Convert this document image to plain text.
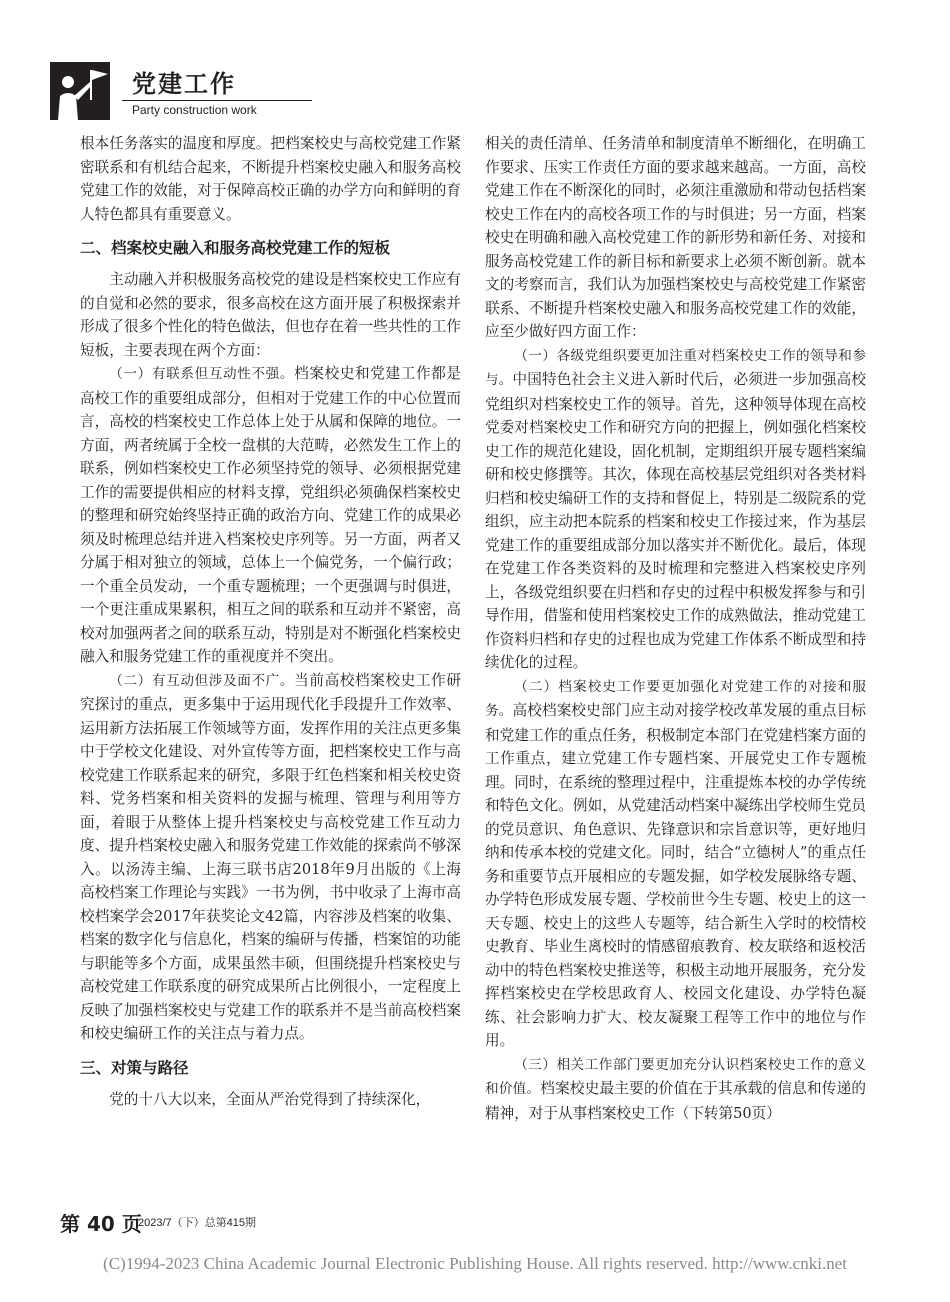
党建工作
Party construction work

根本任务落实的温度和厚度。把档案校史与高校党建工作紧密联系和有机结合起来，不断提升档案校史融入和服务高校党建工作的效能，对于保障高校正确的办学方向和鲜明的育人特色都具有重要意义。

二、档案校史融入和服务高校党建工作的短板

主动融入并积极服务高校党的建设是档案校史工作应有的自觉和必然的要求，很多高校在这方面开展了积极探索并形成了很多个性化的特色做法，但也存在着一些共性的工作短板，主要表现在两个方面：

（一）有联系但互动性不强。档案校史和党建工作都是高校工作的重要组成部分，但相对于党建工作的中心位置而言，高校的档案校史工作总体上处于从属和保障的地位。一方面，两者统属于全校一盘棋的大范畴，必然发生工作上的联系，例如档案校史工作必须坚持党的领导、必须根据党建工作的需要提供相应的材料支撑，党组织必须确保档案校史的整理和研究始终坚持正确的政治方向、党建工作的成果必须及时梳理总结并进入档案校史序列等。另一方面，两者又分属于相对独立的领域，总体上一个偏党务，一个偏行政；一个重全员发动，一个重专题梳理；一个更强调与时俱进，一个更注重成果累积，相互之间的联系和互动并不紧密，高校对加强两者之间的联系互动，特别是对不断强化档案校史融入和服务党建工作的重视度并不突出。

（二）有互动但涉及面不广。当前高校档案校史工作研究探讨的重点，更多集中于运用现代化手段提升工作效率、运用新方法拓展工作领域等方面，发挥作用的关注点更多集中于学校文化建设、对外宣传等方面，把档案校史工作与高校党建工作联系起来的研究，多限于红色档案和相关校史资料、党务档案和相关资料的发掘与梳理、管理与利用等方面，着眼于从整体上提升档案校史与高校党建工作互动力度、提升档案校史融入和服务党建工作效能的探索尚不够深入。以汤涛主编、上海三联书店2018年9月出版的《上海高校档案工作理论与实践》一书为例，书中收录了上海市高校档案学会2017年获奖论文42篇，内容涉及档案的收集、档案的数字化与信息化，档案的编研与传播，档案馆的功能与职能等多个方面，成果虽然丰硕，但围绕提升档案校史与高校党建工作联系度的研究成果所占比例很小，一定程度上反映了加强档案校史与党建工作的联系并不是当前高校档案和校史编研工作的关注点与着力点。

三、对策与路径

党的十八大以来，全面从严治党得到了持续深化，

相关的责任清单、任务清单和制度清单不断细化，在明确工作要求、压实工作责任方面的要求越来越高。一方面，高校党建工作在不断深化的同时，必须注重激励和带动包括档案校史工作在内的高校各项工作的与时俱进；另一方面，档案校史在明确和融入高校党建工作的新形势和新任务、对接和服务高校党建工作的新目标和新要求上必须不断创新。就本文的考察而言，我们认为加强档案校史与高校党建工作紧密联系、不断提升档案校史融入和服务高校党建工作的效能，应至少做好四方面工作：

（一）各级党组织要更加注重对档案校史工作的领导和参与。中国特色社会主义进入新时代后，必须进一步加强高校党组织对档案校史工作的领导。首先，这种领导体现在高校党委对档案校史工作和研究方向的把握上，例如强化档案校史工作的规范化建设，固化机制，定期组织开展专题档案编研和校史修撰等。其次，体现在高校基层党组织对各类材料归档和校史编研工作的支持和督促上，特别是二级院系的党组织，应主动把本院系的档案和校史工作接过来，作为基层党建工作的重要组成部分加以落实并不断优化。最后，体现在党建工作各类资料的及时梳理和完整进入档案校史序列上，各级党组织要在归档和存史的过程中积极发挥参与和引导作用，借鉴和使用档案校史工作的成熟做法，推动党建工作资料归档和存史的过程也成为党建工作体系不断成型和持续优化的过程。

（二）档案校史工作要更加强化对党建工作的对接和服务。高校档案校史部门应主动对接学校改革发展的重点目标和党建工作的重点任务，积极制定本部门在党建档案方面的工作重点，建立党建工作专题档案、开展党史工作专题梳理。同时，在系统的整理过程中，注重提炼本校的办学传统和特色文化。例如，从党建活动档案中凝练出学校师生党员的党员意识、角色意识、先锋意识和宗旨意识等，更好地归纳和传承本校的党建文化。同时，结合“立德树人”的重点任务和重要节点开展相应的专题发掘，如学校发展脉络专题、办学特色形成发展专题、学校前世今生专题、校史上的这一天专题、校史上的这些人专题等，结合新生入学时的校情校史教育、毕业生离校时的情感留痕教育、校友联络和返校活动中的特色档案校史推送等，积极主动地开展服务，充分发挥档案校史在学校思政育人、校园文化建设、办学特色凝练、社会影响力扩大、校友凝聚工程等工作中的地位与作用。

（三）相关工作部门要更加充分认识档案校史工作的意义和价值。档案校史最主要的价值在于其承载的信息和传递的精神，对于从事档案校史工作（下转第50页）

第 40 页
2023/7（下）总第415期
(C)1994-2023 China Academic Journal Electronic Publishing House. All rights reserved. http://www.cnki.net
